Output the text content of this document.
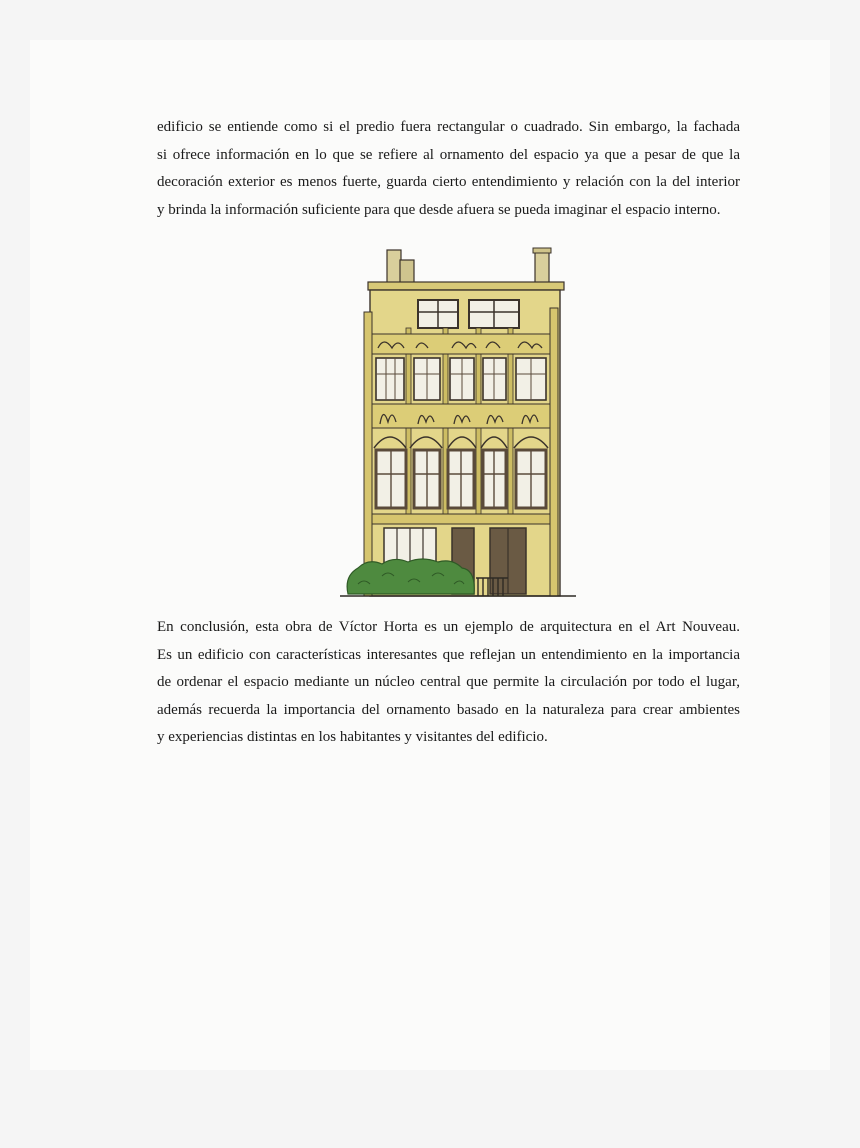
edificio se entiende como si el predio fuera rectangular o cuadrado. Sin embargo, la fachada
si ofrece información en lo que se refiere al ornamento del espacio ya que a pesar de que la
decoración exterior es menos fuerte, guarda cierto entendimiento y relación con la del interior
y brinda la información suficiente para que desde afuera se pueda imaginar el espacio interno.
En conclusión, esta obra de Víctor Horta es un ejemplo de arquitectura en el Art Nouveau.
Es un edificio con características interesantes que reflejan un entendimiento en la importancia
de ordenar el espacio mediante un núcleo central que permite la circulación por todo el lugar,
además recuerda la importancia del ornamento basado en la naturaleza para crear ambientes
y experiencias distintas en los habitantes y visitantes del edificio.
